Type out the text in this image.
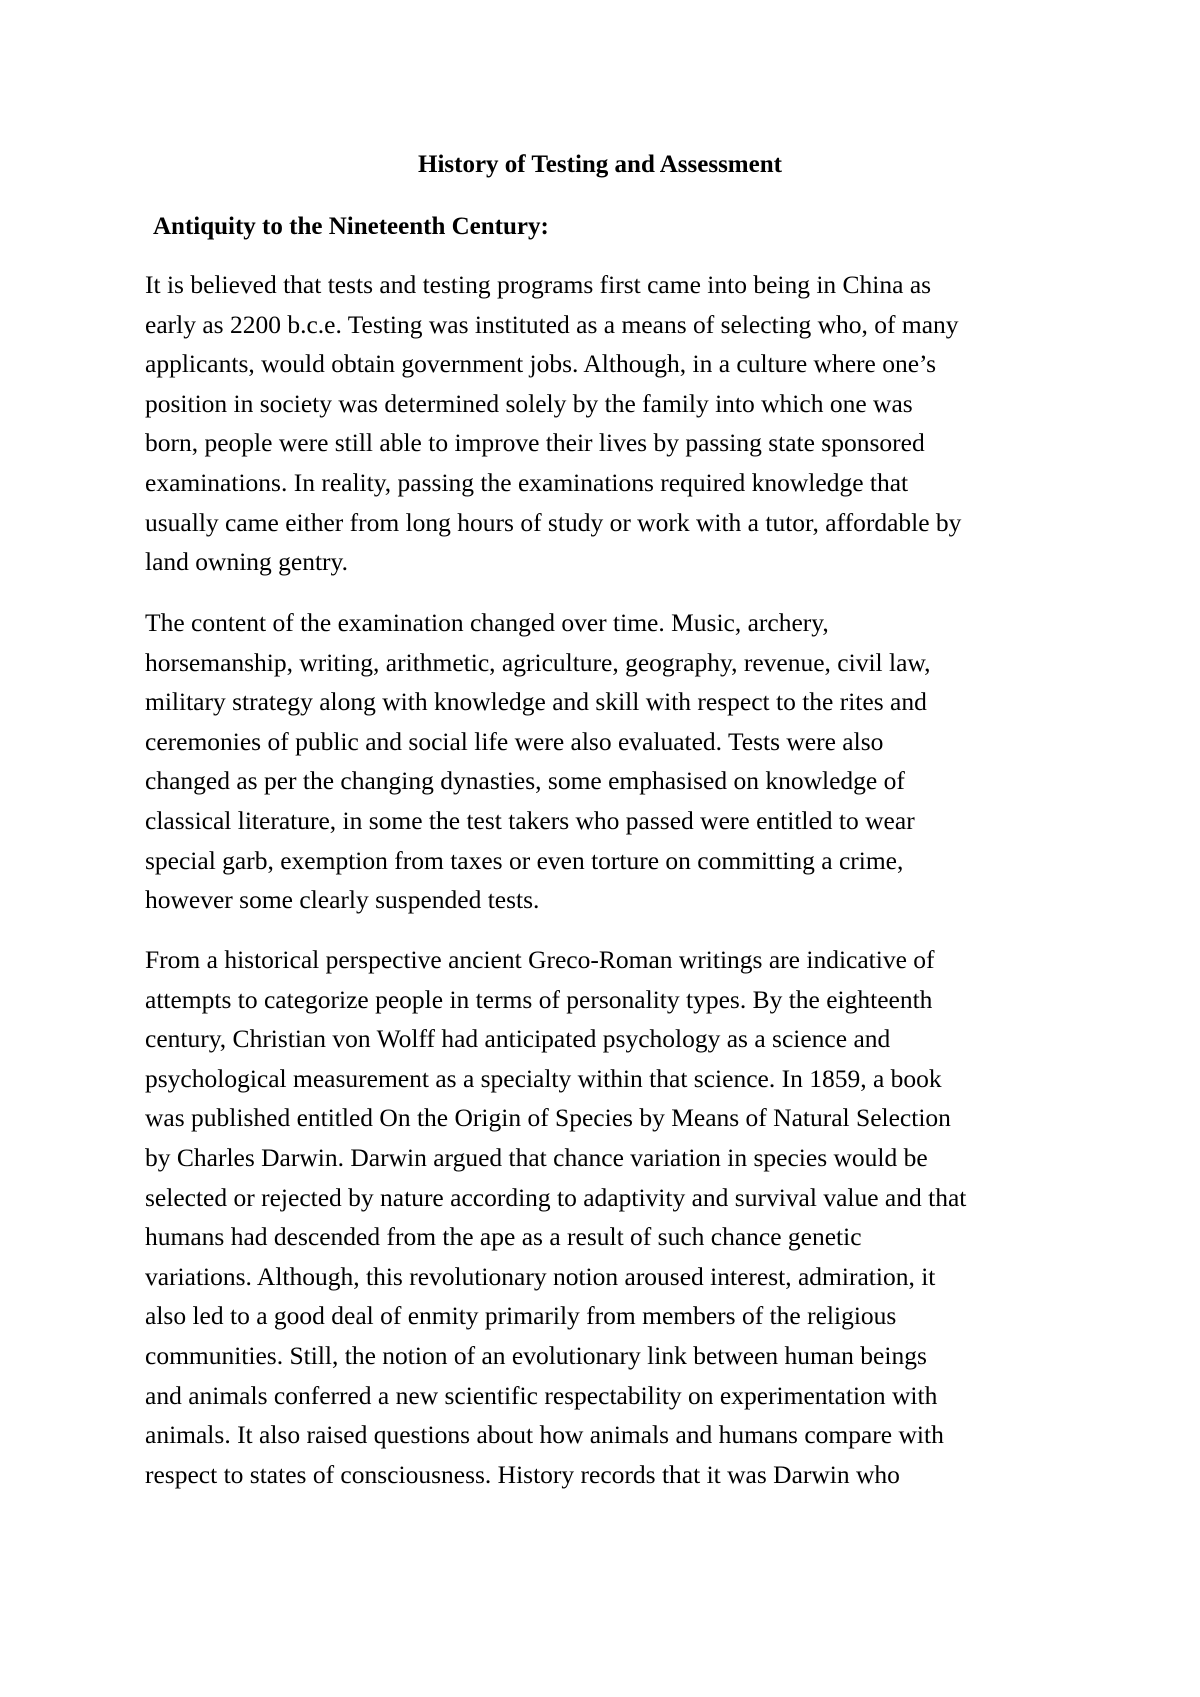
History of Testing and Assessment
Antiquity to the Nineteenth Century:

It is believed that tests and testing programs first came into being in China as
early as 2200 b.c.e. Testing was instituted as a means of selecting who, of many
applicants, would obtain government jobs. Although, in a culture where one’s
position in society was determined solely by the family into which one was
born, people were still able to improve their lives by passing state sponsored
examinations. In reality, passing the examinations required knowledge that
usually came either from long hours of study or work with a tutor, affordable by
land owning gentry.

The content of the examination changed over time. Music, archery,
horsemanship, writing, arithmetic, agriculture, geography, revenue, civil law,
military strategy along with knowledge and skill with respect to the rites and
ceremonies of public and social life were also evaluated. Tests were also
changed as per the changing dynasties, some emphasised on knowledge of
classical literature, in some the test takers who passed were entitled to wear
special garb, exemption from taxes or even torture on committing a crime,
however some clearly suspended tests.

From a historical perspective ancient Greco-Roman writings are indicative of
attempts to categorize people in terms of personality types. By the eighteenth
century, Christian von Wolff had anticipated psychology as a science and
psychological measurement as a specialty within that science. In 1859, a book
was published entitled On the Origin of Species by Means of Natural Selection
by Charles Darwin. Darwin argued that chance variation in species would be
selected or rejected by nature according to adaptivity and survival value and that
humans had descended from the ape as a result of such chance genetic
variations. Although, this revolutionary notion aroused interest, admiration, it
also led to a good deal of enmity primarily from members of the religious
communities. Still, the notion of an evolutionary link between human beings
and animals conferred a new scientific respectability on experimentation with
animals. It also raised questions about how animals and humans compare with
respect to states of consciousness. History records that it was Darwin who
